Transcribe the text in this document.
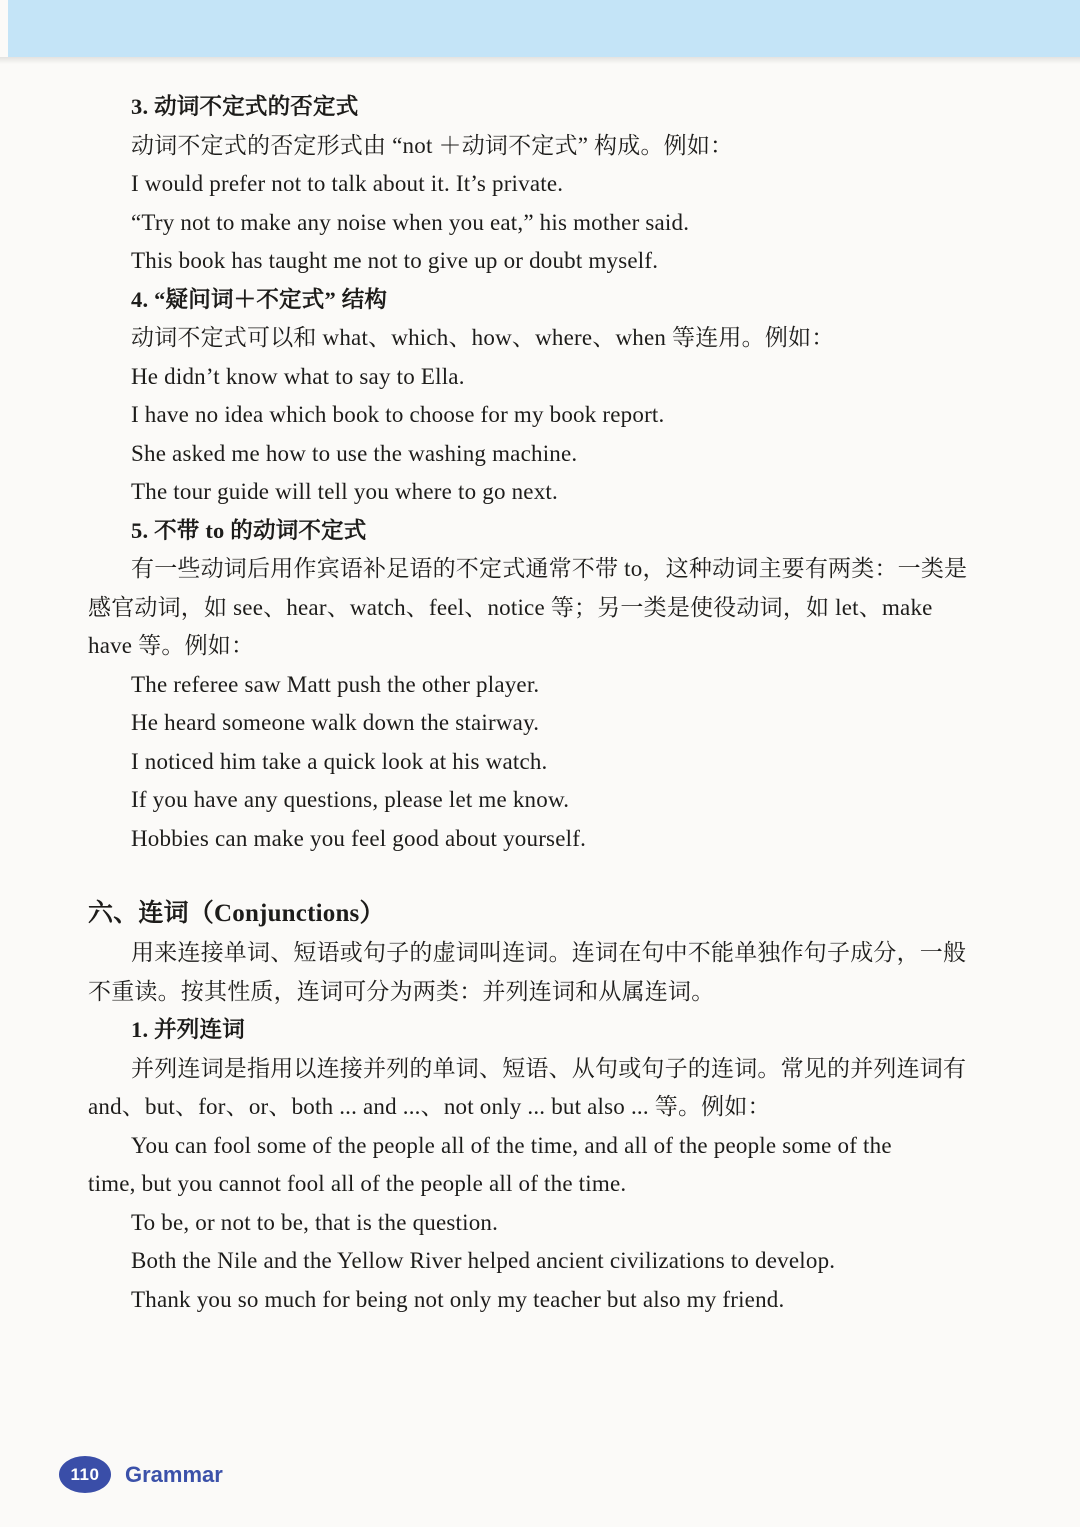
3. 动词不定式的否定式
动词不定式的否定形式由 “not ＋动词不定式” 构成。例如：
I would prefer not to talk about it. It’s private.
“Try not to make any noise when you eat,” his mother said.
This book has taught me not to give up or doubt myself.
4. “疑问词＋不定式” 结构
动词不定式可以和 what、which、how、where、when 等连用。例如：
He didn’t know what to say to Ella.
I have no idea which book to choose for my book report.
She asked me how to use the washing machine.
The tour guide will tell you where to go next.
5. 不带 to 的动词不定式
有一些动词后用作宾语补足语的不定式通常不带 to，这种动词主要有两类：一类是
感官动词，如 see、hear、watch、feel、notice 等；另一类是使役动词，如 let、make
have 等。例如：
The referee saw Matt push the other player.
He heard someone walk down the stairway.
I noticed him take a quick look at his watch.
If you have any questions, please let me know.
Hobbies can make you feel good about yourself.
六、连词（Conjunctions）
用来连接单词、短语或句子的虚词叫连词。连词在句中不能单独作句子成分，一般
不重读。按其性质，连词可分为两类：并列连词和从属连词。
1. 并列连词
并列连词是指用以连接并列的单词、短语、从句或句子的连词。常见的并列连词有
and、but、for、or、both ... and ...、not only ... but also ... 等。例如：
You can fool some of the people all of the time, and all of the people some of the
time, but you cannot fool all of the people all of the time.
To be, or not to be, that is the question.
Both the Nile and the Yellow River helped ancient civilizations to develop.
Thank you so much for being not only my teacher but also my friend.
110	Grammar
